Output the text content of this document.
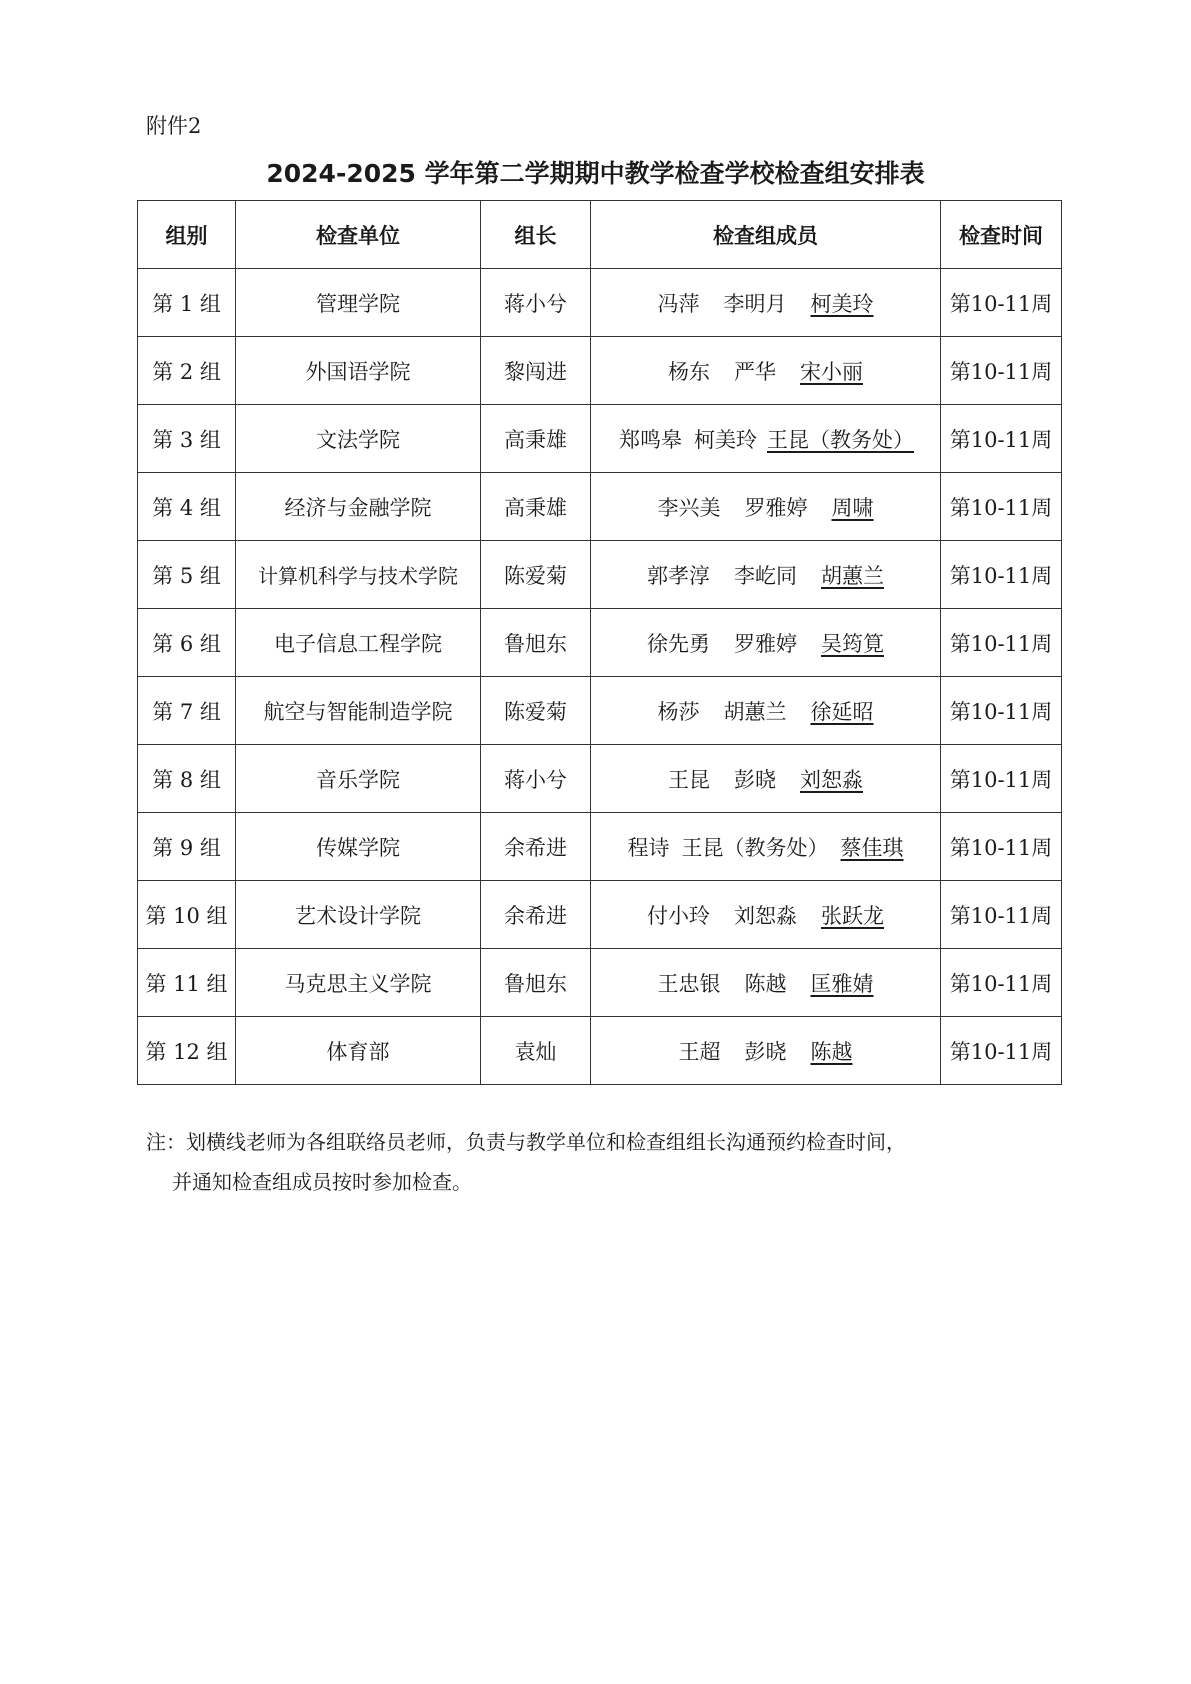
附件2
2024-2025 学年第二学期期中教学检查学校检查组安排表
组别	检查单位	组长	检查组成员	检查时间
第 1 组	管理学院	蒋小兮	冯萍 李明月 柯美玲	第10-11周
第 2 组	外国语学院	黎闯进	杨东 严华 宋小丽	第10-11周
第 3 组	文法学院	高秉雄	郑鸣皋 柯美玲 王昆（教务处）	第10-11周
第 4 组	经济与金融学院	高秉雄	李兴美 罗雅婷 周啸	第10-11周
第 5 组	计算机科学与技术学院	陈爱菊	郭孝淳 李屹同 胡蕙兰	第10-11周
第 6 组	电子信息工程学院	鲁旭东	徐先勇 罗雅婷 吴筠筧	第10-11周
第 7 组	航空与智能制造学院	陈爱菊	杨莎 胡蕙兰 徐延昭	第10-11周
第 8 组	音乐学院	蒋小兮	王昆 彭晓 刘恕淼	第10-11周
第 9 组	传媒学院	余希进	程诗 王昆（教务处） 蔡佳琪	第10-11周
第 10 组	艺术设计学院	余希进	付小玲 刘恕淼 张跃龙	第10-11周
第 11 组	马克思主义学院	鲁旭东	王忠银 陈越 匡雅婧	第10-11周
第 12 组	体育部	袁灿	王超 彭晓 陈越	第10-11周
注：划横线老师为各组联络员老师，负责与教学单位和检查组组长沟通预约检查时间，
并通知检查组成员按时参加检查。
